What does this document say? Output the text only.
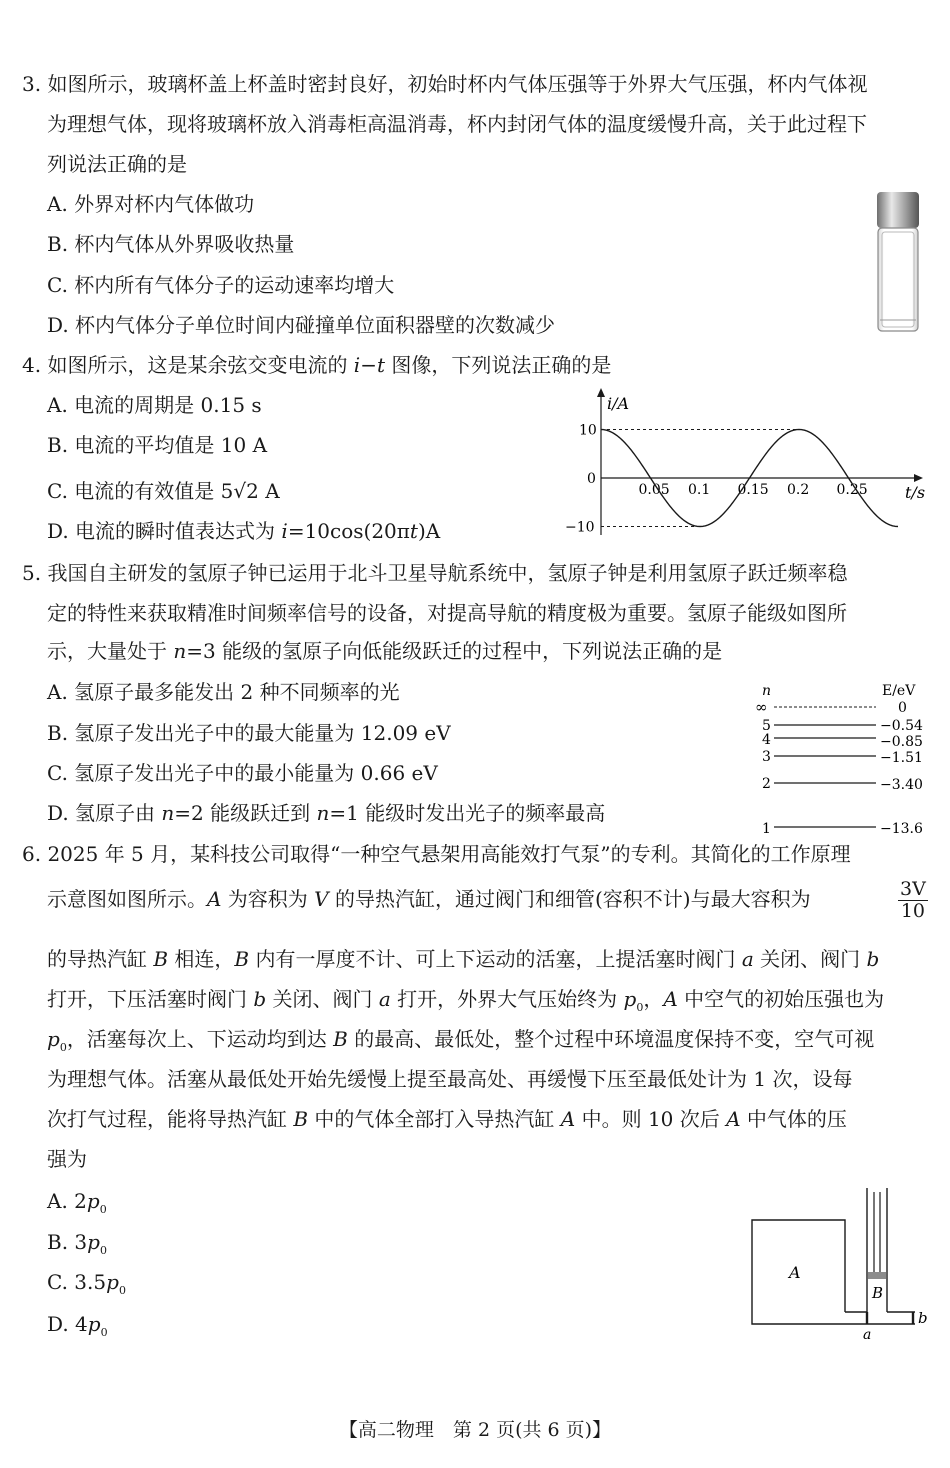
3. 如图所示，玻璃杯盖上杯盖时密封良好，初始时杯内气体压强等于外界大气压强，杯内气体视
为理想气体，现将玻璃杯放入消毒柜高温消毒，杯内封闭气体的温度缓慢升高，关于此过程下
列说法正确的是
A. 外界对杯内气体做功
B. 杯内气体从外界吸收热量
C. 杯内所有气体分子的运动速率均增大
D. 杯内气体分子单位时间内碰撞单位面积器壁的次数减少
4. 如图所示，这是某余弦交变电流的 i−t 图像，下列说法正确的是
A. 电流的周期是 0.15 s
B. 电流的平均值是 10 A
C. 电流的有效值是 5√2 A
D. 电流的瞬时值表达式为 i=10cos(20πt)A
i/A
t/s
0.05 0.1 0.15 0.2 0.25
10
0
−10
5. 我国自主研发的氢原子钟已运用于北斗卫星导航系统中，氢原子钟是利用氢原子跃迁频率稳
定的特性来获取精准时间频率信号的设备，对提高导航的精度极为重要。氢原子能级如图所
示，大量处于 n=3 能级的氢原子向低能级跃迁的过程中，下列说法正确的是
A. 氢原子最多能发出 2 种不同频率的光
B. 氢原子发出光子中的最大能量为 12.09 eV
C. 氢原子发出光子中的最小能量为 0.66 eV
D. 氢原子由 n=2 能级跃迁到 n=1 能级时发出光子的频率最高
n	E/eV
∞	0
5	−0.54
4	−0.85
3	−1.51
2	−3.40
1	−13.6
6. 2025 年 5 月，某科技公司取得“一种空气悬架用高能效打气泵”的专利。其简化的工作原理
示意图如图所示。A 为容积为 V 的导热汽缸，通过阀门和细管(容积不计)与最大容积为	$\frac{3V}{10}$
的导热汽缸 B 相连，B 内有一厚度不计、可上下运动的活塞，上提活塞时阀门 a 关闭、阀门 b
打开，下压活塞时阀门 b 关闭、阀门 a 打开，外界大气压始终为 $p_0$，A 中空气的初始压强也为
$p_0$，活塞每次上、下运动均到达 B 的最高、最低处，整个过程中环境温度保持不变，空气可视
为理想气体。活塞从最低处开始先缓慢上提至最高处、再缓慢下压至最低处计为 1 次，设每
次打气过程，能将导热汽缸 B 中的气体全部打入导热汽缸 A 中。则 10 次后 A 中气体的压
强为
A. $2p_0$
B. $3p_0$
C. $3.5p_0$
D. $4p_0$
A
B
a
b
【高二物理　第 2 页(共 6 页)】
